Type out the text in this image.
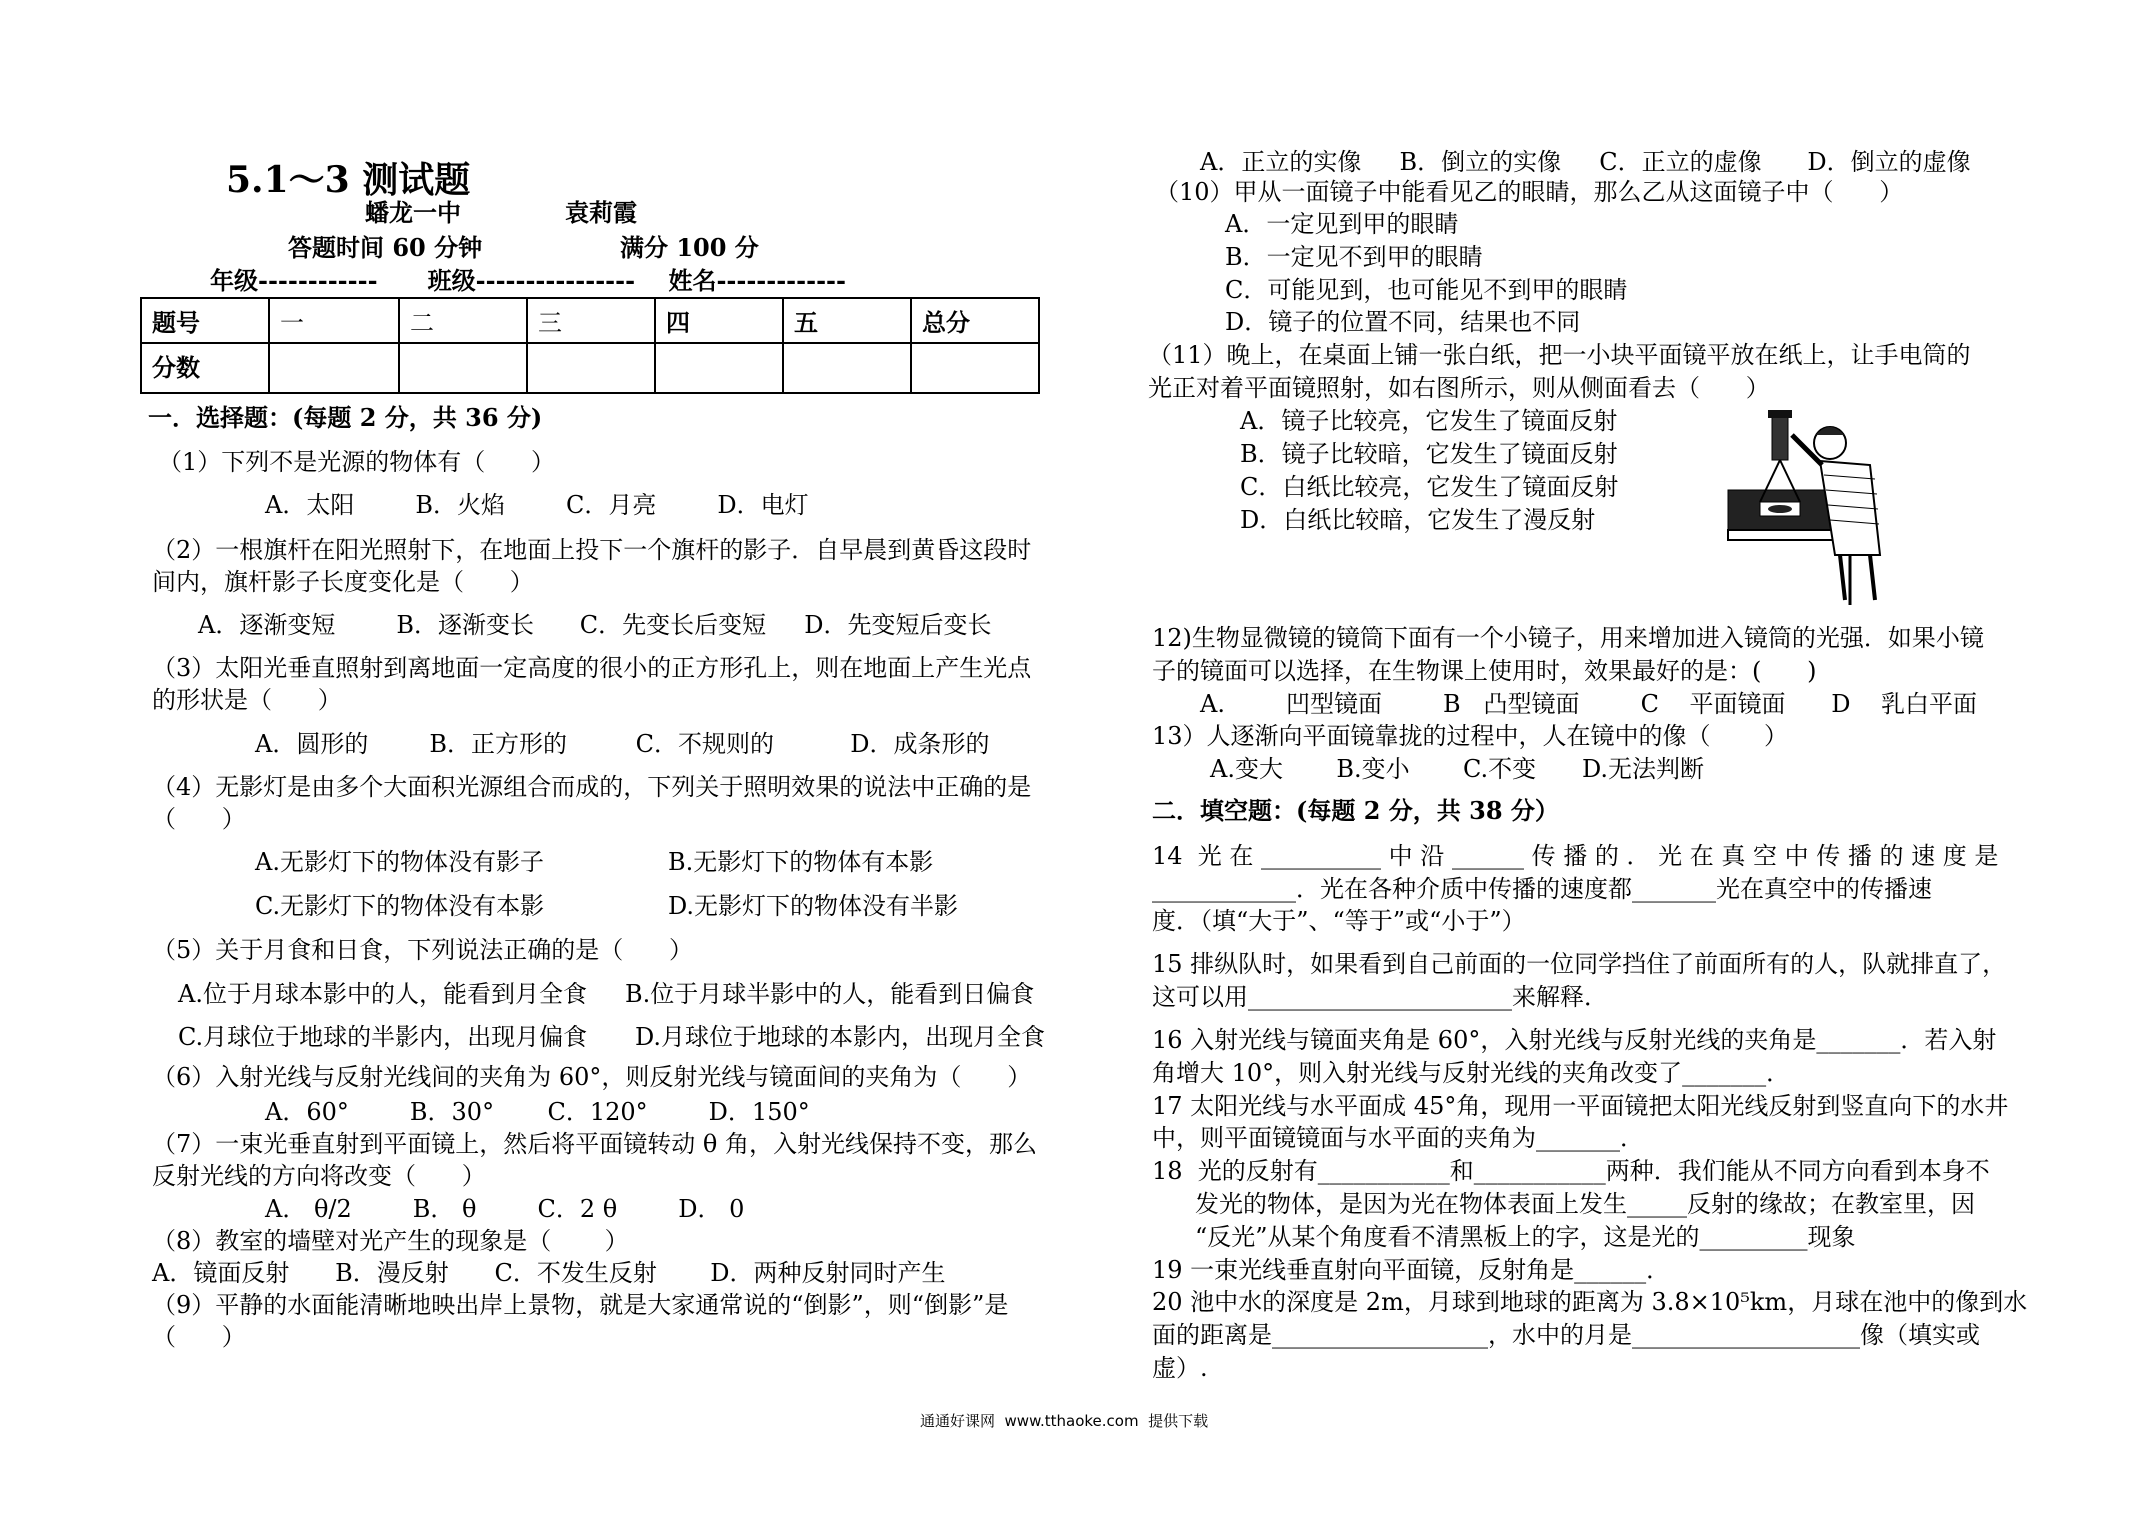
5.1～3 测试题
蟠龙一中	袁莉霞
答题时间 60 分钟	满分 100 分
年级------------      班级----------------    姓名-------------
题号	一	二	三	四	五	总分
分数						
一．选择题：(每题 2 分，共 36 分)
（1）下列不是光源的物体有（      ）
A．太阳        B．火焰        C．月亮        D．电灯
（2）一根旗杆在阳光照射下，在地面上投下一个旗杆的影子．自早晨到黄昏这段时
间内，旗杆影子长度变化是（      ）
A．逐渐变短        B．逐渐变长      C．先变长后变短     D．先变短后变长
（3）太阳光垂直照射到离地面一定高度的很小的正方形孔上，则在地面上产生光点
的形状是（      ）
A．圆形的        B．正方形的         C．不规则的          D．成条形的
（4）无影灯是由多个大面积光源组合而成的，下列关于照明效果的说法中正确的是
（      ）
A.无影灯下的物体没有影子	B.无影灯下的物体有本影
C.无影灯下的物体没有本影	D.无影灯下的物体没有半影
（5）关于月食和日食，下列说法正确的是（      ）
A.位于月球本影中的人，能看到月全食 B.位于月球半影中的人，能看到日偏食
C.月球位于地球的半影内，出现月偏食 D.月球位于地球的本影内，出现月全食
（6）入射光线与反射光线间的夹角为 60°，则反射光线与镜面间的夹角为（      ）
A．60°        B．30°       C．120°        D．150°
（7）一束光垂直射到平面镜上，然后将平面镜转动 θ 角，入射光线保持不变，那么
反射光线的方向将改变（      ）
A． θ/2        B． θ        C．2 θ        D． 0
（8）教室的墙壁对光产生的现象是（       ）
A．镜面反射      B．漫反射      C．不发生反射       D．两种反射同时产生
（9）平静的水面能清晰地映出岸上景物，就是大家通常说的“倒影”，则“倒影”是
（      ）
A．正立的实像     B．倒立的实像     C．正立的虚像      D．倒立的虚像
（10）甲从一面镜子中能看见乙的眼睛，那么乙从这面镜子中（      ）
A．一定见到甲的眼睛
B．一定见不到甲的眼睛
C．可能见到，也可能见不到甲的眼睛
D．镜子的位置不同，结果也不同
（11）晚上，在桌面上铺一张白纸，把一小块平面镜平放在纸上，让手电筒的
光正对着平面镜照射，如右图所示，则从侧面看去（      ）
A．镜子比较亮，它发生了镜面反射
B．镜子比较暗，它发生了镜面反射
C．白纸比较亮，它发生了镜面反射
D．白纸比较暗，它发生了漫反射
12)生物显微镜的镜筒下面有一个小镜子，用来增加进入镜筒的光强．如果小镜
子的镜面可以选择，在生物课上使用时，效果最好的是：(      )
A.        凹型镜面        B   凸型镜面        C    平面镜面      D    乳白平面
13）人逐渐向平面镜靠拢的过程中，人在镜中的像（       ）
A.变大       B.变小       C.不变      D.无法判断
二．填空题：(每题 2 分，共 38 分）
14  光 在 __________ 中 沿 ______ 传 播 的 ． 光 在 真 空 中 传 播 的 速 度 是
____________．光在各种介质中传播的速度都_______光在真空中的传播速
度．（填“大于”、“等于”或“小于”）
15 排纵队时，如果看到自己前面的一位同学挡住了前面所有的人，队就排直了，
这可以用______________________来解释．
16 入射光线与镜面夹角是 60°，入射光线与反射光线的夹角是_______．若入射
角增大 10°，则入射光线与反射光线的夹角改变了_______．
17 太阳光线与水平面成 45°角，现用一平面镜把太阳光线反射到竖直向下的水井
中，则平面镜镜面与水平面的夹角为_______．
18  光的反射有___________和___________两种．我们能从不同方向看到本身不
发光的物体，是因为光在物体表面上发生_____反射的缘故；在教室里，因
“反光”从某个角度看不清黑板上的字，这是光的_________现象
19 一束光线垂直射向平面镜，反射角是______．
20 池中水的深度是 2m，月球到地球的距离为 3.8×10⁵km，月球在池中的像到水
面的距离是__________________，水中的月是___________________像（填实或
虚）.
通通好课网  www.tthaoke.com  提供下载
